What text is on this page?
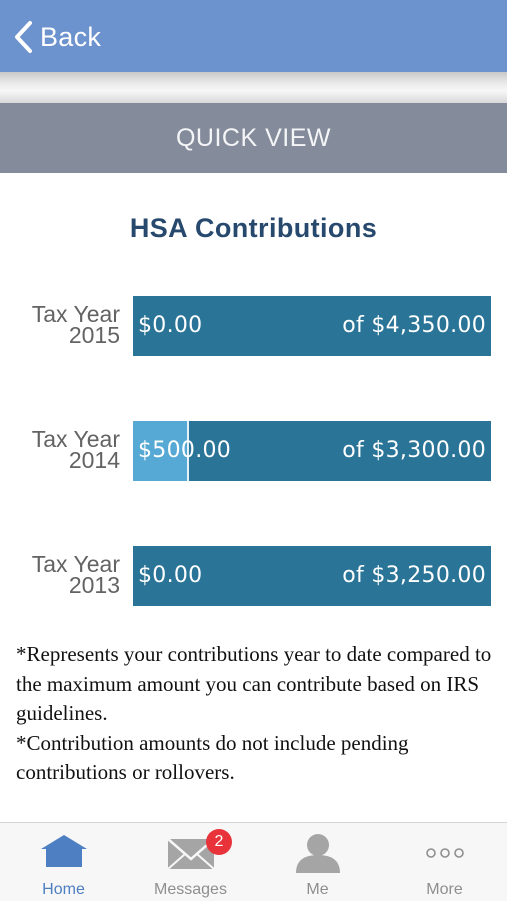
Back
QUICK VIEW
HSA Contributions
Tax Year
2015 $0.00	of $4,350.00
Tax Year
2014 $500.00	of $3,300.00
Tax Year
2013 $0.00	of $3,250.00

*Represents your contributions year to date compared to the maximum amount you can contribute based on IRS guidelines.

*Contribution amounts do not include pending contributions or rollovers.

Home
2
Messages	Me	More
